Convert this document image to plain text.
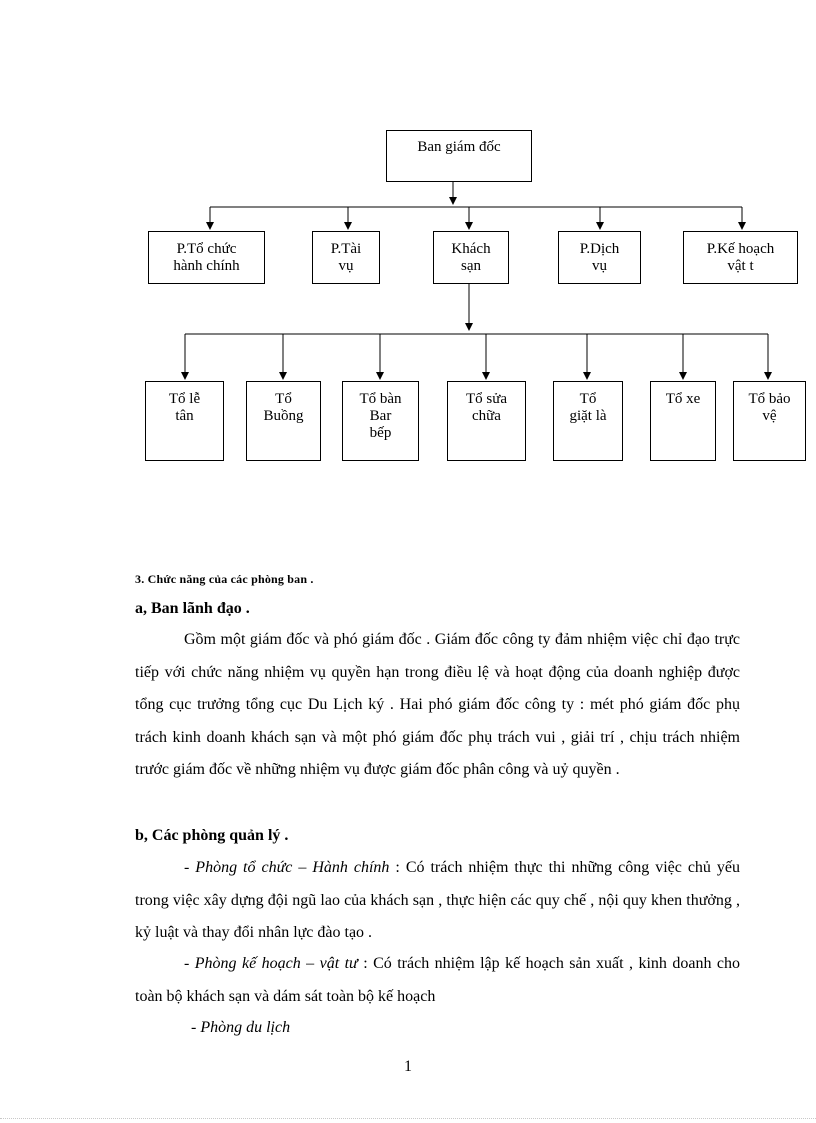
Ban giám đốc
P.Tổ chức
hành chính
P.Tài
vụ
Khách
sạn
P.Dịch
vụ
P.Kế hoạch
vật t
Tổ lễ
tân
Tổ
Buồng
Tổ bàn
Bar
bếp
Tổ sửa
chữa
Tổ
giặt là
Tổ xe	Tổ bảo
vệ
3. Chức năng của các phòng ban .
a, Ban lãnh đạo .

Gồm một giám đốc và phó giám đốc . Giám đốc công ty đảm nhiệm việc chỉ đạo trực tiếp với chức năng nhiệm vụ quyền hạn trong điều lệ và hoạt động của doanh nghiệp được tổng cục trưởng tổng cục Du Lịch ký . Hai phó giám đốc công ty : mét phó giám đốc phụ trách kinh doanh khách sạn và một phó giám đốc phụ trách vui , giải trí , chịu trách nhiệm trước giám đốc về những nhiệm vụ được giám đốc phân công và uỷ quyền .

b, Các phòng quản lý .

- Phòng tổ chức – Hành chính : Có trách nhiệm thực thi những công việc chủ yếu trong việc xây dựng đội ngũ lao của khách sạn , thực hiện các quy chế , nội quy khen thưởng , kỷ luật và thay đổi nhân lực đào tạo .

- Phòng kế hoạch – vật tư : Có trách nhiệm lập kế hoạch sản xuất , kinh doanh cho toàn bộ khách sạn và dám sát toàn bộ kế hoạch

- Phòng du lịch

1
